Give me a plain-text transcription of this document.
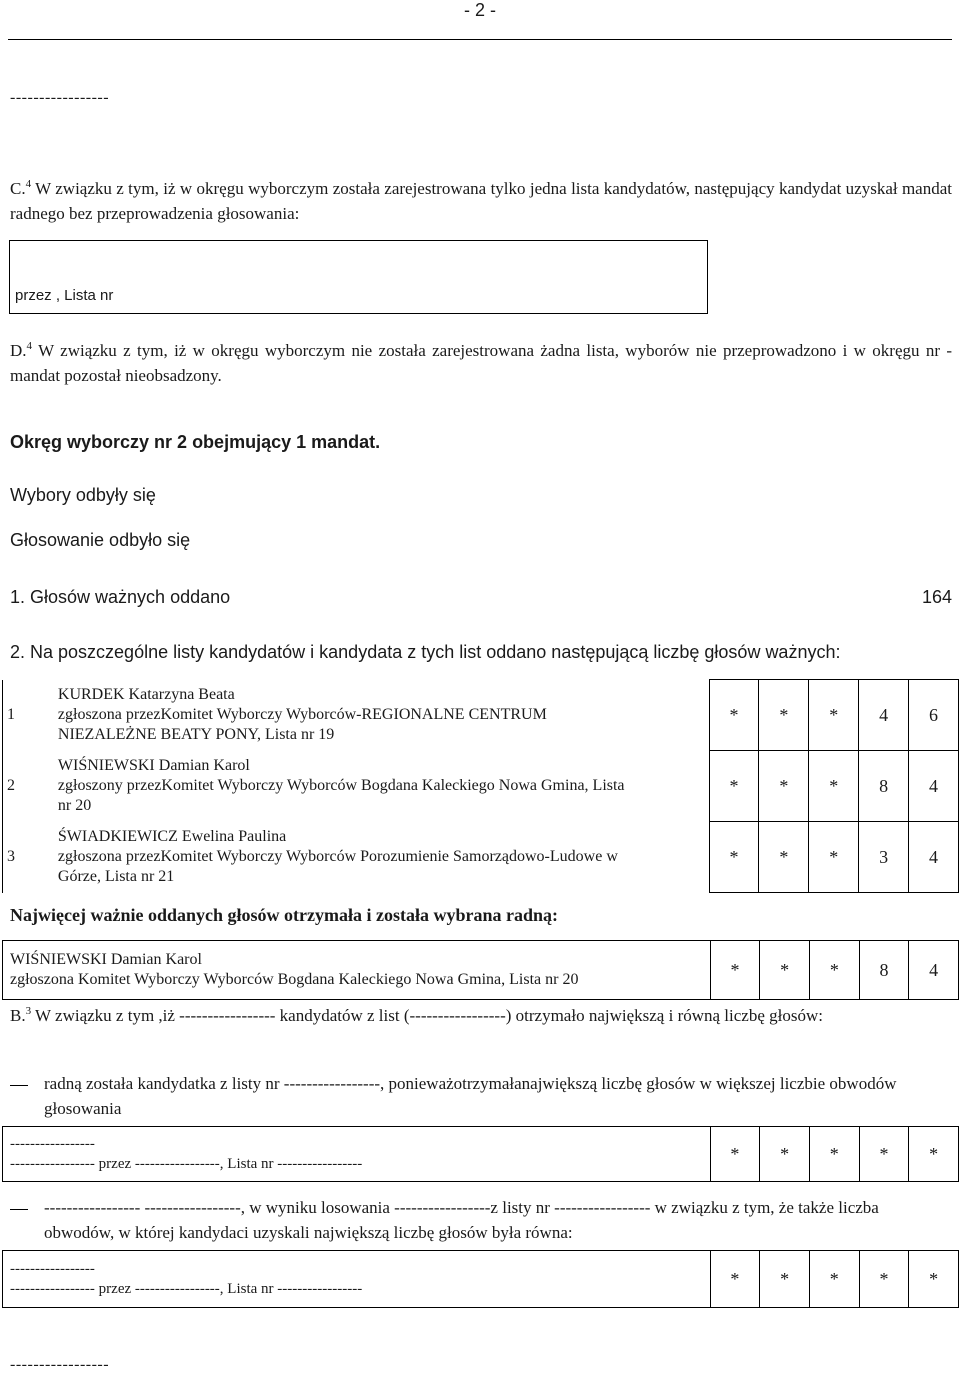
- 2 -
-----------------
C.$^4$ W związku z tym, iż w okręgu wyborczym została zarejestrowana tylko jedna lista kandydatów, następujący kandydat uzyskał mandat radnego bez przeprowadzenia głosowania:
przez , Lista nr
D.$^4$ W związku z tym, iż w okręgu wyborczym nie została zarejestrowana żadna lista, wyborów nie przeprowadzono i w okręgu nr - mandat pozostał nieobsadzony.
Okręg wyborczy nr 2 obejmujący 1 mandat.
Wybory odbyły się
Głosowanie odbyło się
1. Głosów ważnych oddano	164
2. Na poszczególne listy kandydatów i kandydata z tych list oddano następującą liczbę głosów ważnych:
1	KURDEK Katarzyna Beata
zgłoszona przezKomitet Wyborczy Wyborców-REGIONALNE CENTRUM
NIEZALEŻNE BEATY PONY, Lista nr 19	*	*	*	4	6
2	WIŚNIEWSKI Damian Karol
zgłoszony przezKomitet Wyborczy Wyborców Bogdana Kaleckiego Nowa Gmina, Lista
nr 20	*	*	*	8	4
3	ŚWIADKIEWICZ Ewelina Paulina
zgłoszona przezKomitet Wyborczy Wyborców Porozumienie Samorządowo-Ludowe w
Górze, Lista nr 21	*	*	*	3	4
Najwięcej ważnie oddanych głosów otrzymała i została wybrana radną:
WIŚNIEWSKI Damian Karol
zgłoszona Komitet Wyborczy Wyborców Bogdana Kaleckiego Nowa Gmina, Lista nr 20	*	*	*	8	4
B.$^3$ W związku z tym ,iż ----------------- kandydatów z list (-----------------) otrzymało największą i równą liczbę głosów:
radną została kandydatka z listy nr -----------------, ponieważotrzymałanajwiększą liczbę głosów w większej liczbie obwodów głosowania
-----------------
----------------- przez -----------------, Lista nr -----------------
	*	*	*	*	*
----------------- -----------------, w wyniku losowania -----------------z listy nr ----------------- w związku z tym, że także liczba obwodów, w której kandydaci uzyskali największą liczbę głosów była równa:
-----------------
----------------- przez -----------------, Lista nr -----------------
	*	*	*	*	*
-----------------
